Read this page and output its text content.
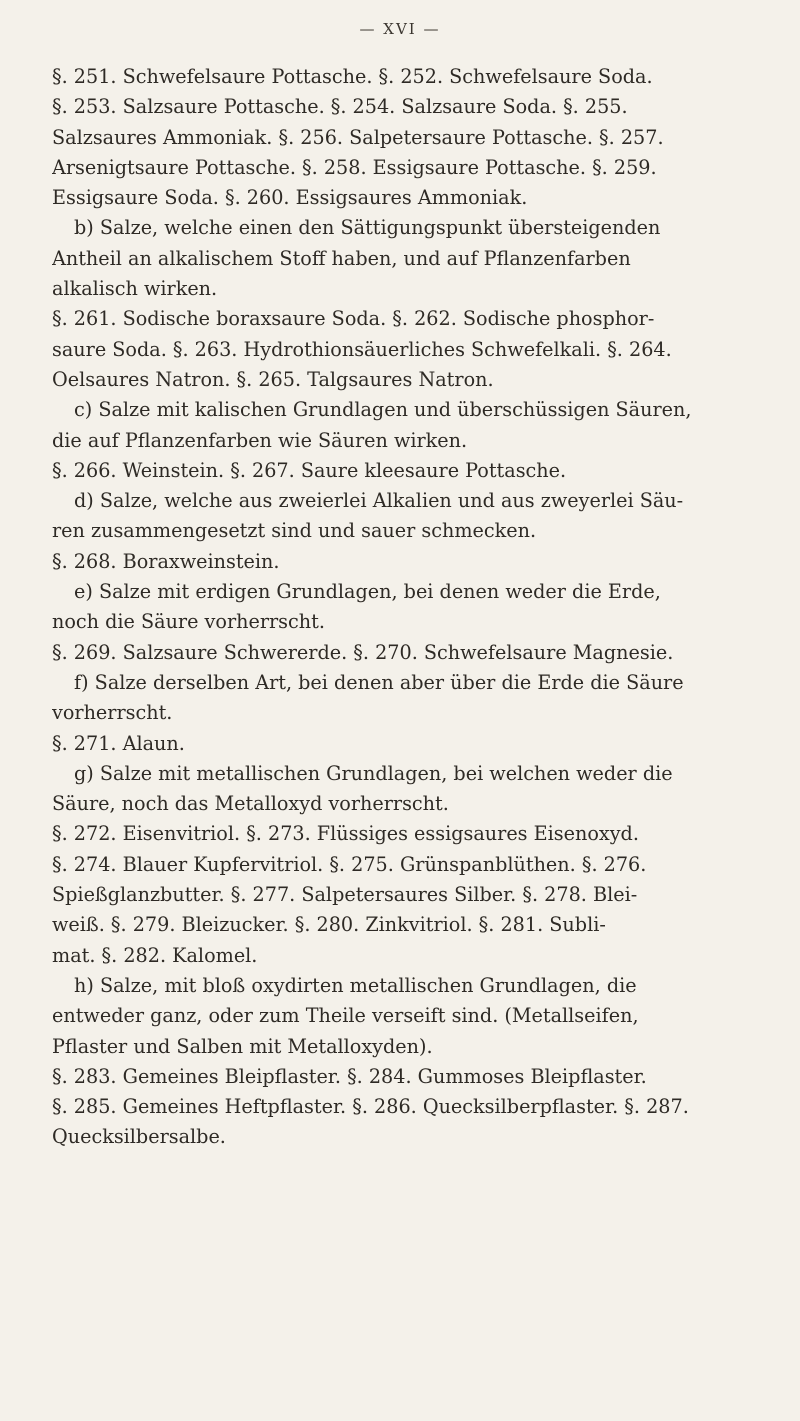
— XVI —
§. 251. Schwefelsaure Pottasche. §. 252. Schwefelsaure Soda.
§. 253. Salzsaure Pottasche. §. 254. Salzsaure Soda. §. 255.
Salzsaures Ammoniak. §. 256. Salpetersaure Pottasche. §. 257.
Arsenigtsaure Pottasche. §. 258. Essigsaure Pottasche. §. 259.
Essigsaure Soda. §. 260. Essigsaures Ammoniak.
b) Salze, welche einen den Sättigungspunkt übersteigenden
Antheil an alkalischem Stoff haben, und auf Pflanzenfarben
alkalisch wirken.
§. 261. Sodische boraxsaure Soda. §. 262. Sodische phosphor-
saure Soda. §. 263. Hydrothionsäuerliches Schwefelkali. §. 264.
Oelsaures Natron. §. 265. Talgsaures Natron.
c) Salze mit kalischen Grundlagen und überschüssigen Säuren,
die auf Pflanzenfarben wie Säuren wirken.
§. 266. Weinstein. §. 267. Saure kleesaure Pottasche.
d) Salze, welche aus zweierlei Alkalien und aus zweyerlei Säu-
ren zusammengesetzt sind und sauer schmecken.
§. 268. Boraxweinstein.
e) Salze mit erdigen Grundlagen, bei denen weder die Erde,
noch die Säure vorherrscht.
§. 269. Salzsaure Schwererde. §. 270. Schwefelsaure Magnesie.
f) Salze derselben Art, bei denen aber über die Erde die Säure
vorherrscht.
§. 271. Alaun.
g) Salze mit metallischen Grundlagen, bei welchen weder die
Säure, noch das Metalloxyd vorherrscht.
§. 272. Eisenvitriol. §. 273. Flüssiges essigsaures Eisenoxyd.
§. 274. Blauer Kupfervitriol. §. 275. Grünspanblüthen. §. 276.
Spießglanzbutter. §. 277. Salpetersaures Silber. §. 278. Blei-
weiß. §. 279. Bleizucker. §. 280. Zinkvitriol. §. 281. Subli-
mat. §. 282. Kalomel.
h) Salze, mit bloß oxydirten metallischen Grundlagen, die
entweder ganz, oder zum Theile verseift sind. (Metallseifen,
Pflaster und Salben mit Metalloxyden).
§. 283. Gemeines Bleipflaster. §. 284. Gummoses Bleipflaster.
§. 285. Gemeines Heftpflaster. §. 286. Quecksilberpflaster. §. 287.
Quecksilbersalbe.
